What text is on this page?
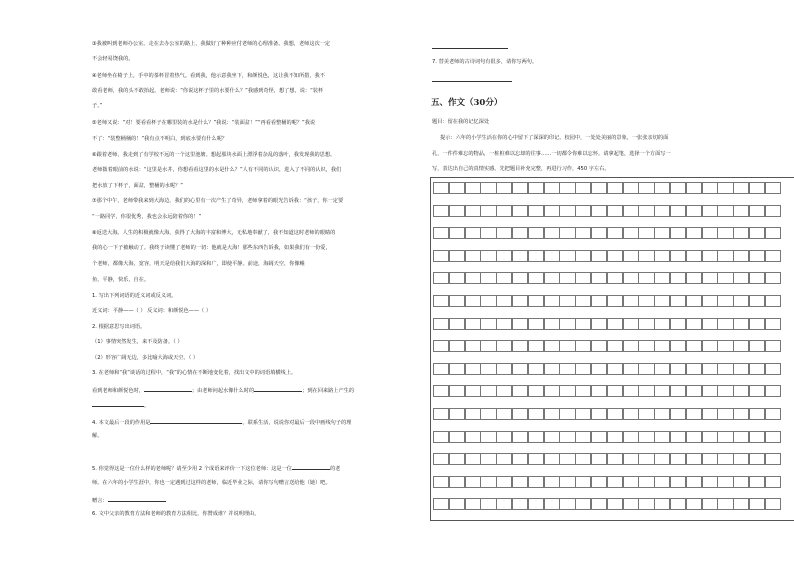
③我被叫到老师办公室。走在去办公室的路上，我做好了种种应付老师的心理准备。我想，老师这次一定
不会轻易饶我的。
④老师坐在椅子上，手中的茶杯冒着热气。看到我，他示意我坐下，和颜悦色，这让我不知所措，我不
敢看老师，我的头不敢抬起。老师说：“你说这杯子里的水要什么？”我感到奇怪，想了想，说：“装杯
子。”
⑤老师又说：“对！要看看杯子在哪里装的水是什么？”我说：“装面盆！”“再看看整桶的呢？”我说
不了：“装整桶桶的！”我有点不明白，到底水要有什么呢？
⑥跟着老师，我走到了有学校不远的一个这里池塘。想起那块水面上漂浮着杂乱的落叶，我发现我的思想。
老师拨着眼前的水说：“这里是水井，你想看看这里的水是什么？”人有不同的认识，进入了不同的认识，我们
把水放了下杯子，面盆，整桶的水呢？”
⑦那个中午，老师带我来到大海边，我们的心里有一次产生了奇异，老师拿着的眼光告诉我：“孩子，你一定要
“一路同学，你很优秀，我也会永远陪着你的！”
⑧返送大海。人生的积极就像大海，获得了大海的丰富和博大，无私地奉献了，我不知道这时老师的眼睛的
我的心一下子被触动了。我终于读懂了老师的一切：他就是大海！那些东西告诉我，如果我们有一份爱，
个老师，都像大海，宽容，明天是给我们大海的深和广，即使平静。前途，海阔天空，你像鲲
鱼，平静，快乐，自在。
1. 写出下列词语的近义词或反义词。
近义词：平静——（ ） 反义词：和颜悦色——（ ）
2. 根据意思写出词语。
（1）事情突然发生，来不及防备。（ ）
（2）形容广阔无边，多比喻大海或天空。（ ）
3. 在老师和“我”谈话的过程中，“我”的心情在不断地变化着，找出文中的词语填横线上。
看到老师和颜悦色时，	；由老师问起水像什么时的	；到在回来路上产生的
。
4. 本文最后一段的作用是	。联系生活，说说你对最后一段中画线句子的理
解。
5. 你觉得这是一位什么样的老师呢？请至少用 2 个成语来评价一下这位老师：这是一位	的老
师。在六年的小学生涯中，你也一定遇到过这样的老师，临近毕业之际，请你写句赠言送给他（她）吧。
赠言：
6. 文中父亲的教育方法和老师的教育方法相比，你赞成谁？并说明理由。
7. 替美老师的古诗词句有很多，请你写两句。
五、作文（30分）
题目：留在我的记忆深处
提示：六年的小学生活在你的心中留下了深深的印记。校园中，一处处美丽的景象，一张张亲切的面
孔，一件件难忘的物品，一桩桩难以忘却的往事……一切都令你难以忘怀。请拿起笔，选择一个方面写一
写，表达出自己的真情实感。先把题目补充完整，再进行习作，450 字左右。
